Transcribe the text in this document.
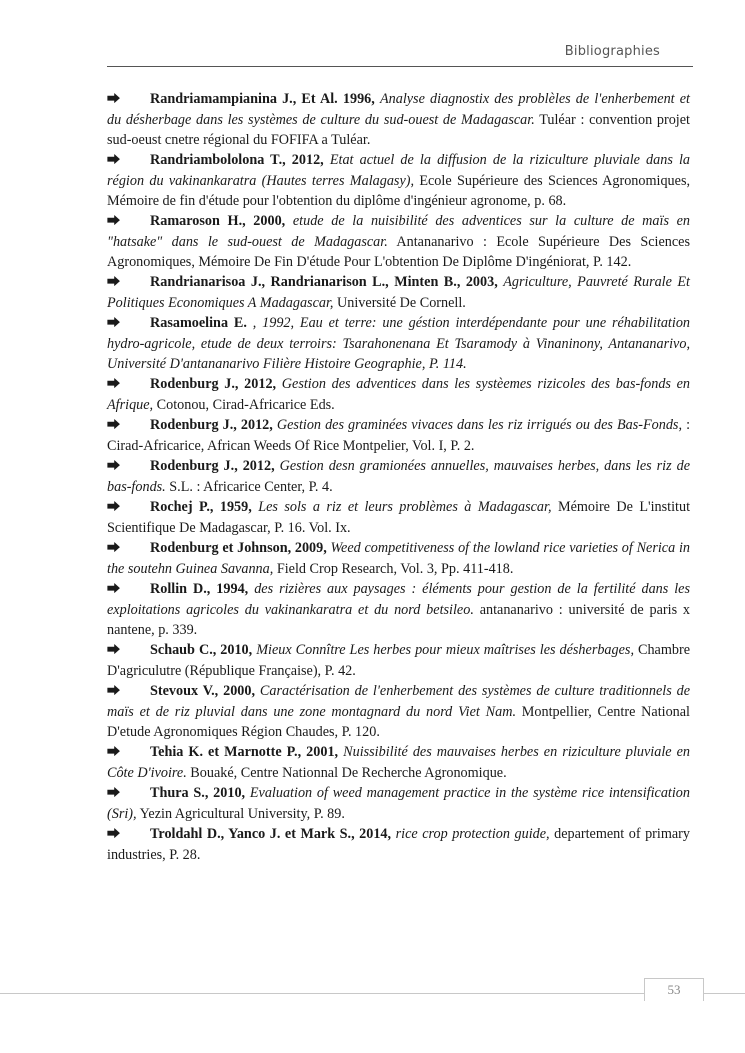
Bibliographies

⮕ Randriamampianina J., Et Al. 1996, Analyse diagnostix des problèles de l'enherbement et du désherbage dans les systèmes de culture du sud-ouest de Madagascar. Tuléar : convention projet sud-oeust cnetre régional du FOFIFA a Tuléar.

⮕ Randriambololona T., 2012, Etat actuel de la diffusion de la riziculture pluviale dans la région du vakinankaratra (Hautes terres Malagasy), Ecole Supérieure des Sciences Agronomiques, Mémoire de fin d'étude pour l'obtention du diplôme d'ingénieur agronome, p. 68.

⮕ Ramaroson H., 2000, etude de la nuisibilité des adventices sur la culture de maïs en "hatsake" dans le sud-ouest de Madagascar. Antananarivo : Ecole Supérieure Des Sciences Agronomiques, Mémoire De Fin D'étude Pour L'obtention De Diplôme D'ingéniorat, P. 142.

⮕ Randrianarisoa J., Randrianarison L., Minten B., 2003, Agriculture, Pauvreté Rurale Et Politiques Economiques A Madagascar, Université De Cornell.

⮕ Rasamoelina E. , 1992, Eau et terre: une géstion interdépendante pour une réhabilitation hydro-agricole, etude de deux terroirs: Tsarahonenana Et Tsaramody à Vinaninony, Antananarivo, Université D'antananarivo Filière Histoire Geographie, P. 114.

⮕ Rodenburg J., 2012, Gestion des adventices dans les systèemes rizicoles des bas-fonds en Afrique, Cotonou, Cirad-Africarice Eds.

⮕ Rodenburg J., 2012, Gestion des graminées vivaces dans les riz irrigués ou des Bas-Fonds, : Cirad-Africarice, African Weeds Of Rice Montpelier, Vol. I, P. 2.

⮕ Rodenburg J., 2012, Gestion desn gramionées annuelles, mauvaises herbes, dans les riz de bas-fonds. S.L. : Africarice Center, P. 4.

⮕ Rochej P., 1959, Les sols a riz et leurs problèmes à Madagascar, Mémoire De L'institut Scientifique De Madagascar, P. 16. Vol. Ix.

⮕ Rodenburg et Johnson, 2009, Weed competitiveness of the lowland rice varieties of Nerica in the soutehn Guinea Savanna, Field Crop Research, Vol. 3, Pp. 411-418.

⮕ Rollin D., 1994, des rizières aux paysages : éléments pour gestion de la fertilité dans les exploitations agricoles du vakinankaratra et du nord betsileo. antananarivo : université de paris x nantene, p. 339.

⮕ Schaub C., 2010, Mieux Connître Les herbes pour mieux maîtrises les désherbages, Chambre D'agriculutre (République Française), P. 42.

⮕ Stevoux V., 2000, Caractérisation de l'enherbement des systèmes de culture traditionnels de maïs et de riz pluvial dans une zone montagnard du nord Viet Nam. Montpellier, Centre National D'etude Agronomiques Région Chaudes, P. 120.

⮕ Tehia K. et Marnotte P., 2001, Nuissibilité des mauvaises herbes en riziculture pluviale en Côte D'ivoire. Bouaké, Centre Nationnal De Recherche Agronomique.

⮕ Thura S., 2010, Evaluation of weed management practice in the système rice intensification (Sri), Yezin Agricultural University, P. 89.

⮕ Troldahl D., Yanco J. et Mark S., 2014, rice crop protection guide, departement of primary industries, P. 28.

53
